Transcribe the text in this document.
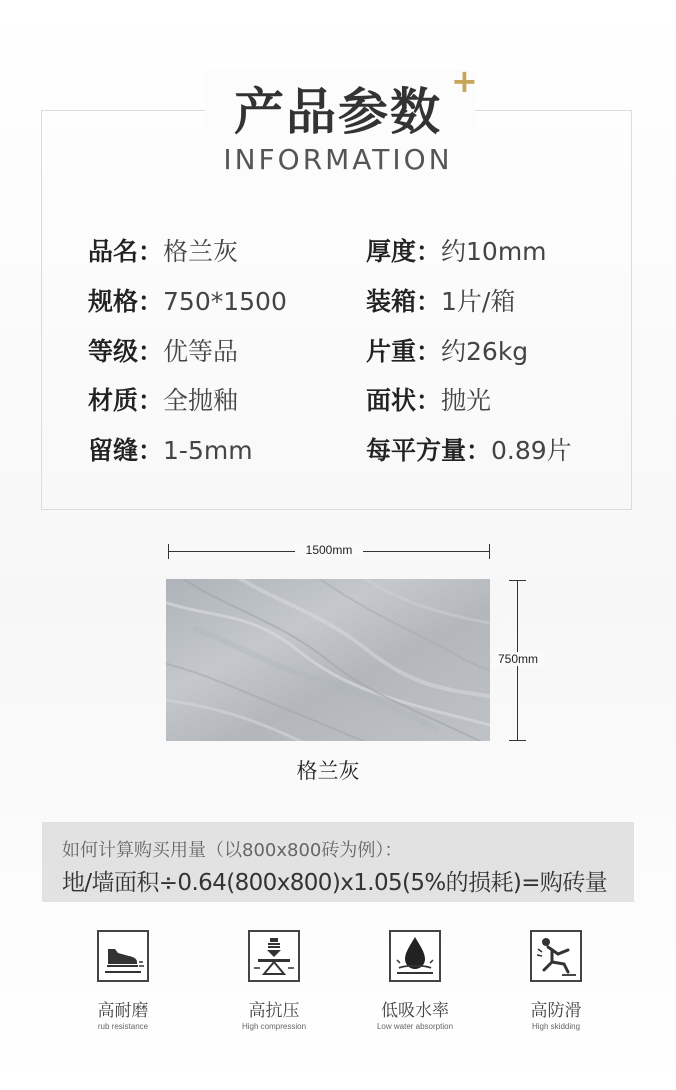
产品参数
+
INFORMATION
品名：格兰灰	厚度：约10mm
规格：750*1500	装箱：1片/箱
等级：优等品	片重：约26kg
材质：全抛釉	面状：抛光
留缝：1-5mm	每平方量：0.89片
1500mm
750mm
格兰灰
如何计算购买用量（以800x800砖为例）：
地/墙面积÷0.64(800x800)x1.05(5%的损耗)=购砖量
高耐磨
rub resistance
高抗压
High compression
低吸水率
Low water absorption
高防滑
High skidding
